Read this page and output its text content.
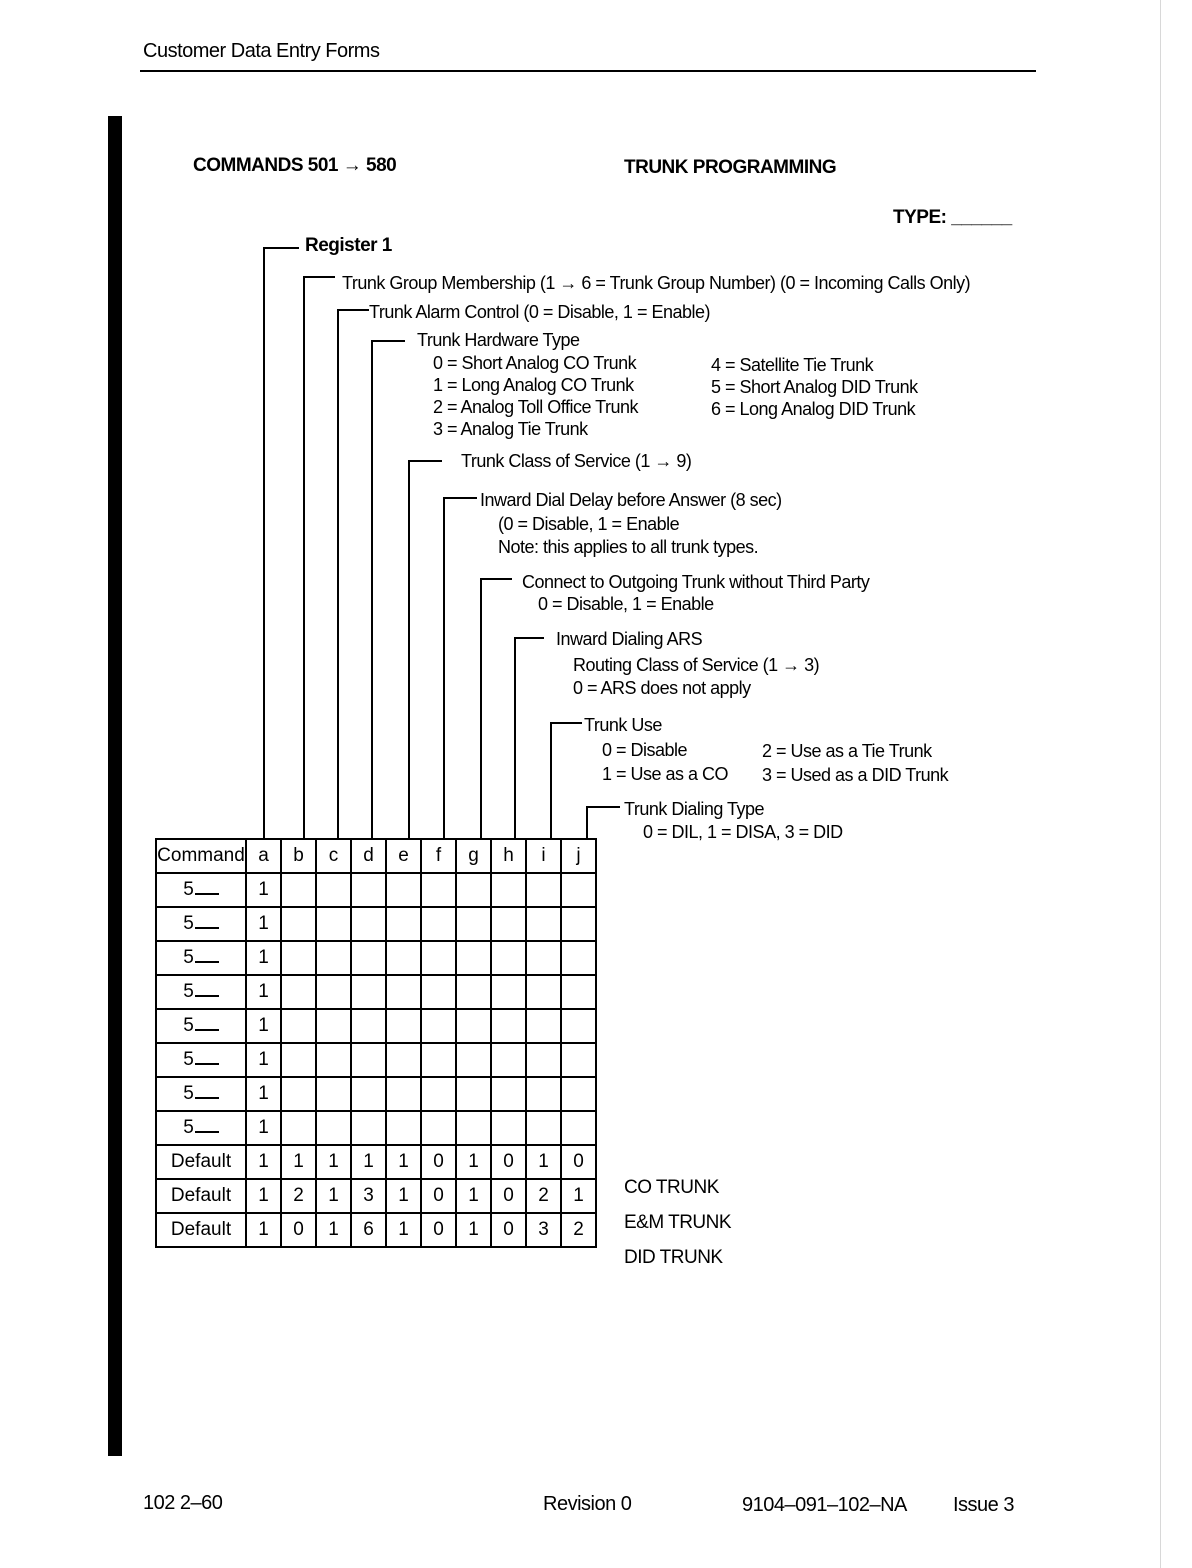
Customer Data Entry Forms
COMMANDS 501 → 580	TRUNK PROGRAMMING
TYPE: ______
Register 1
Trunk Group Membership (1 → 6 = Trunk Group Number) (0 = Incoming Calls Only)
Trunk Alarm Control (0 = Disable, 1 = Enable)
Trunk Hardware Type
0 = Short Analog CO Trunk
1 = Long Analog CO Trunk
2 = Analog Toll Office Trunk
3 = Analog Tie Trunk
4 = Satellite Tie Trunk
5 = Short Analog DID Trunk
6 = Long Analog DID Trunk
Trunk Class of Service (1 → 9)
Inward Dial Delay before Answer (8 sec)
(0 = Disable, 1 = Enable
Note: this applies to all trunk types.
Connect to Outgoing Trunk without Third Party
0 = Disable, 1 = Enable
Inward Dialing ARS
Routing Class of Service (1 → 3)
0 = ARS does not apply
Trunk Use
0 = Disable
1 = Use as a CO
2 = Use as a Tie Trunk
3 = Used as a DID Trunk
Trunk Dialing Type
0 = DIL, 1 = DISA, 3 = DID
Command	a	b	c	d	e	f	g	h	i	j
5	1									
5	1									
5	1									
5	1									
5	1									
5	1									
5	1									
5	1									
Default	1	1	1	1	1	0	1	0	1	0
Default	1	2	1	3	1	0	1	0	2	1
Default	1	0	1	6	1	0	1	0	3	2
CO TRUNK
E&M TRUNK
DID TRUNK
102 2–60	Revision 0	9104–091–102–NA Issue 3
